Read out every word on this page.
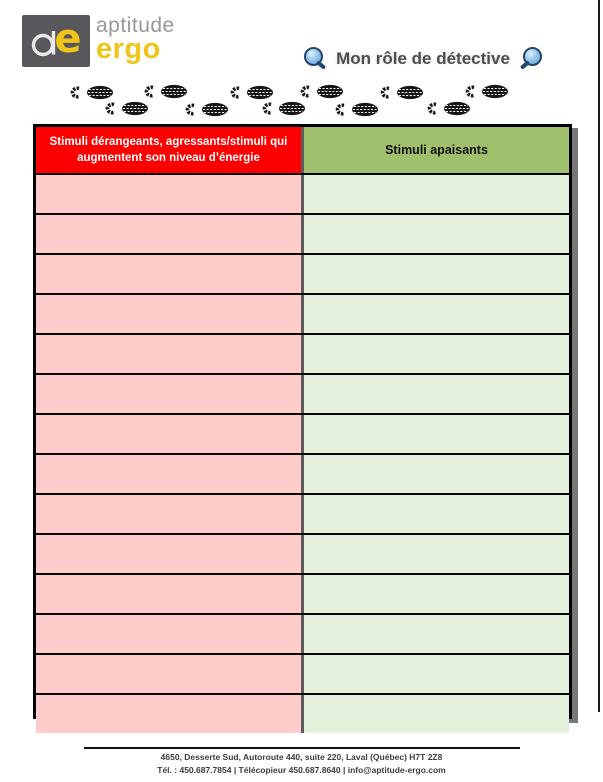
e aptitude
ergo	Mon rôle de détective
Stimuli dérangeants, agressants/stimuli qui augmentent son niveau d’énergie
Stimuli apaisants
4650, Desserte Sud, Autoroute 440, suite 220, Laval (Québec) H7T 2Z8
Tél. : 450.687.7854 | Télécopieur 450.687.8640 | info@aptitude-ergo.com
